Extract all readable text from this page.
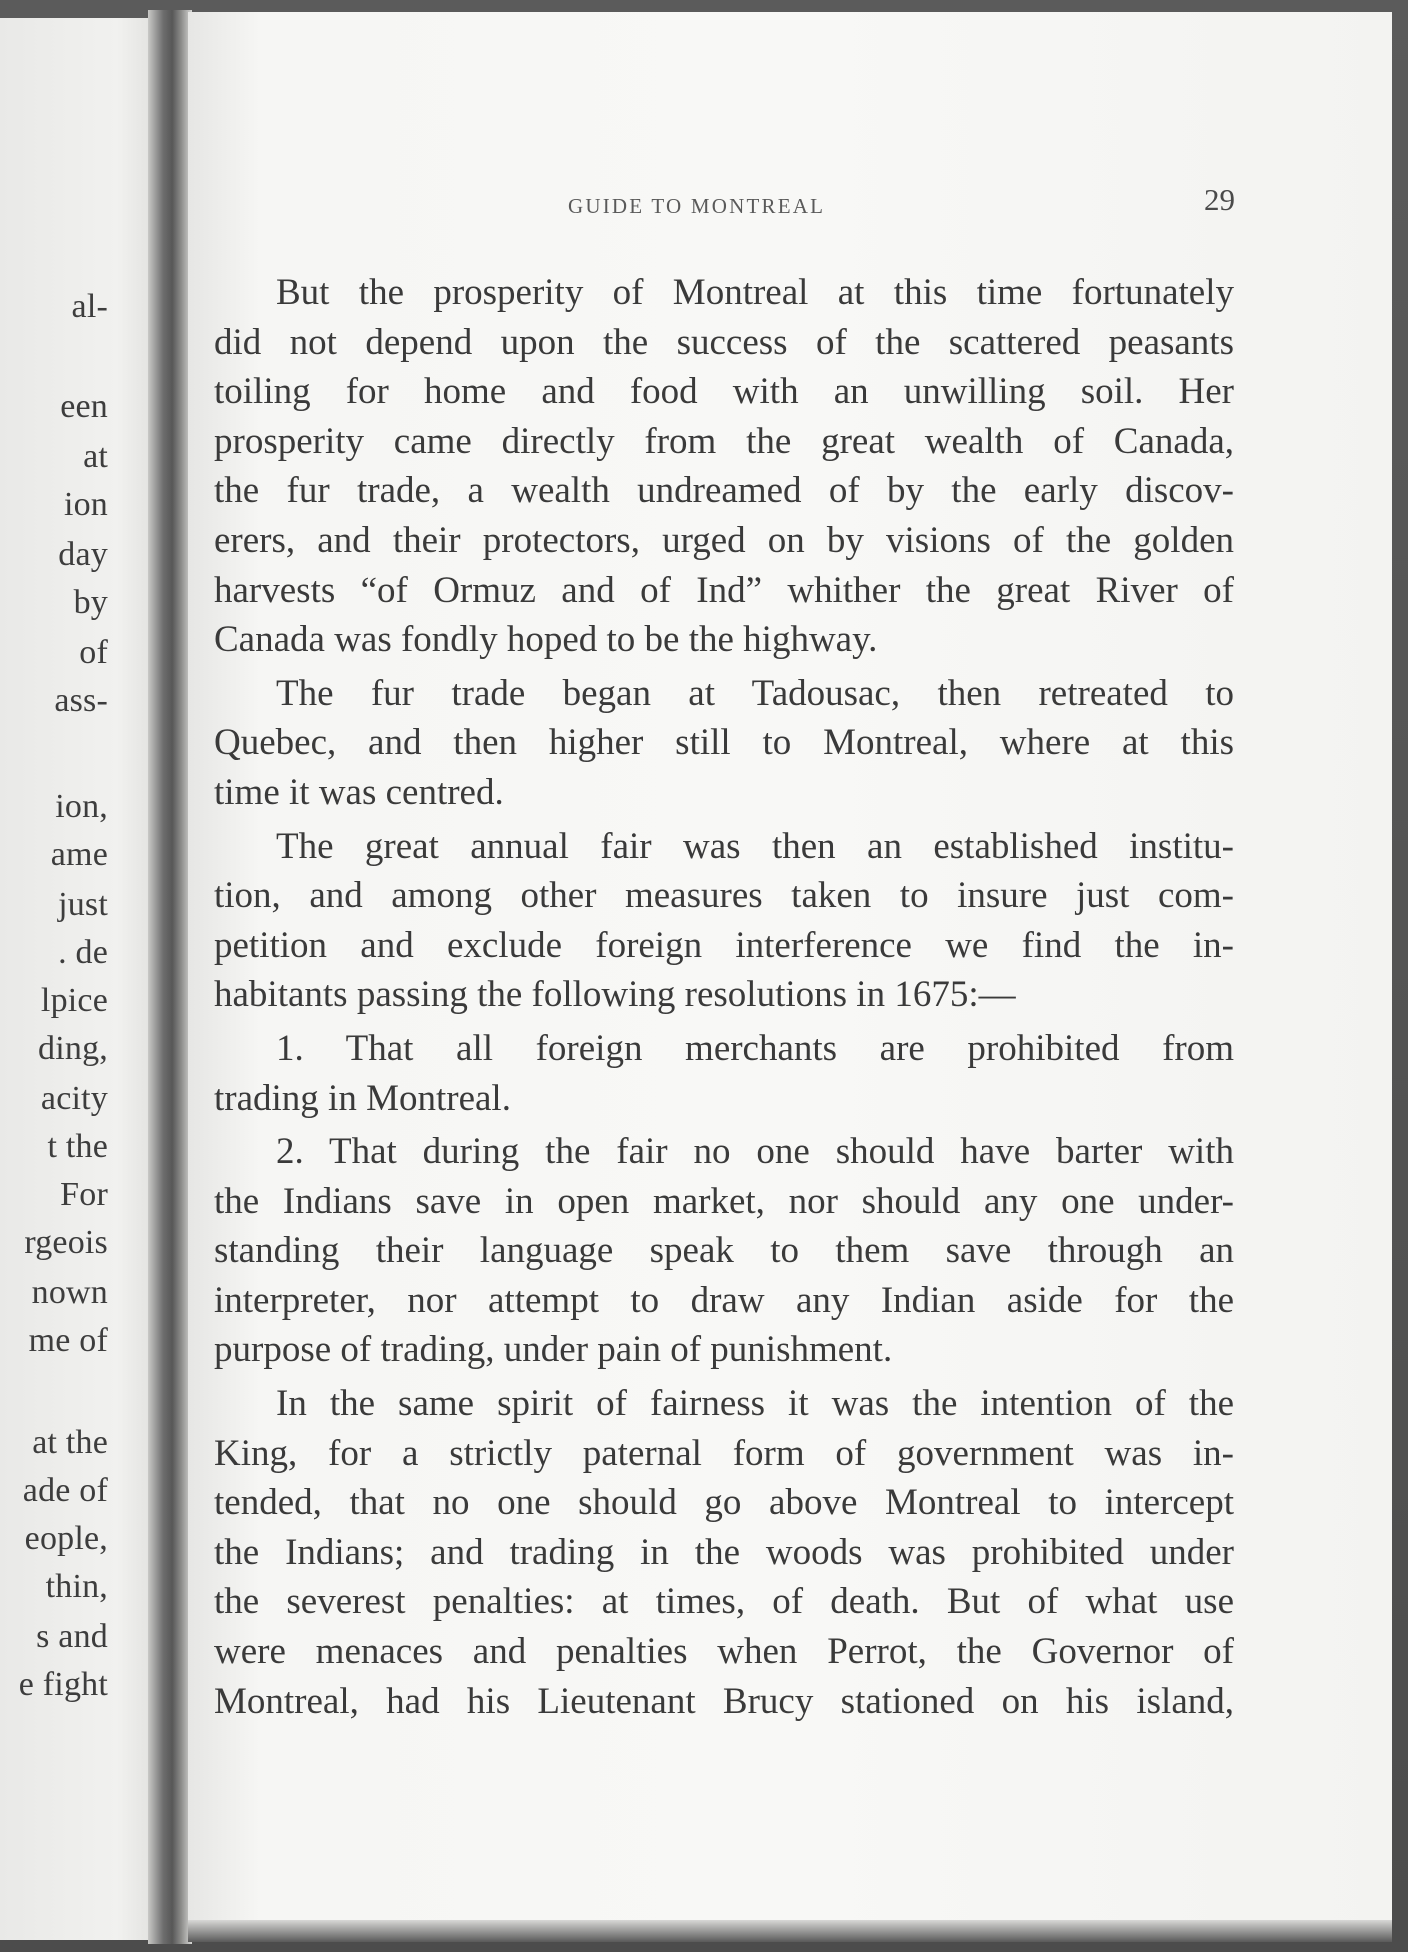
al-
een
at
ion
day
by
of
ass-
ion,
ame
just
. de
lpice
ding,
acity
t the
For
rgeois
nown
me of
at the
ade of
eople,
thin,
s and
e fight
GUIDE TO MONTREAL	29
But the prosperity of Montreal at this time fortunately
did not depend upon the success of the scattered peasants
toiling for home and food with an unwilling soil. Her
prosperity came directly from the great wealth of Canada,
the fur trade, a wealth undreamed of by the early discov-
erers, and their protectors, urged on by visions of the golden
harvests “of Ormuz and of Ind” whither the great River of
Canada was fondly hoped to be the highway.
The fur trade began at Tadousac, then retreated to
Quebec, and then higher still to Montreal, where at this
time it was centred.
The great annual fair was then an established institu-
tion, and among other measures taken to insure just com-
petition and exclude foreign interference we find the in-
habitants passing the following resolutions in 1675:—
1. That all foreign merchants are prohibited from
trading in Montreal.
2. That during the fair no one should have barter with
the Indians save in open market, nor should any one under-
standing their language speak to them save through an
interpreter, nor attempt to draw any Indian aside for the
purpose of trading, under pain of punishment.
In the same spirit of fairness it was the intention of the
King, for a strictly paternal form of government was in-
tended, that no one should go above Montreal to intercept
the Indians; and trading in the woods was prohibited under
the severest penalties: at times, of death. But of what use
were menaces and penalties when Perrot, the Governor of
Montreal, had his Lieutenant Brucy stationed on his island,
